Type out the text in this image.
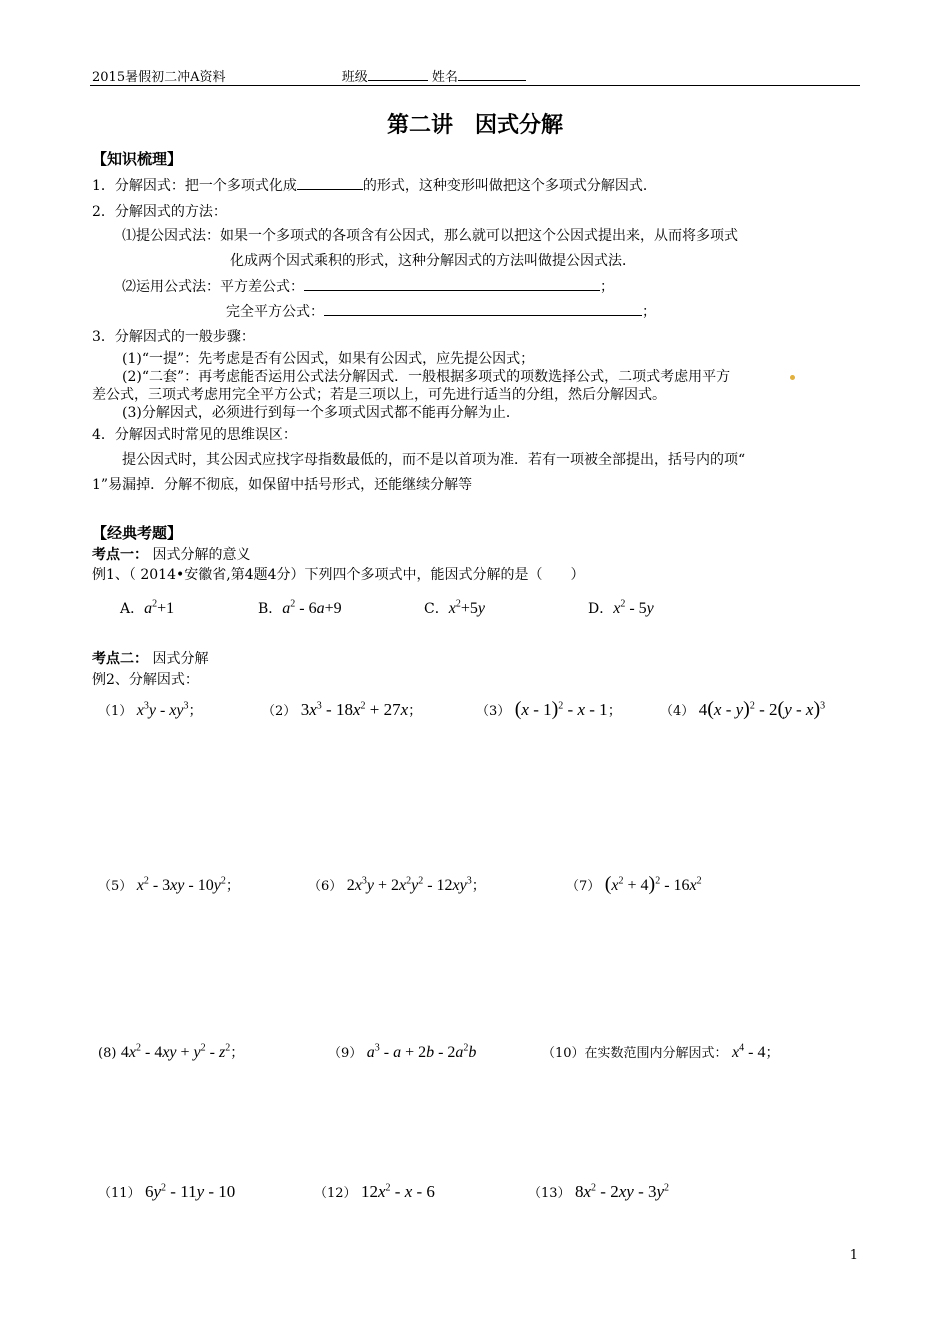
2015暑假初二冲A资料	班级	姓名
第二讲　因式分解
【知识梳理】
1．分解因式：把一个多项式化成	的形式，这种变形叫做把这个多项式分解因式．
2．分解因式的方法：
⑴提公因式法：如果一个多项式的各项含有公因式，那么就可以把这个公因式提出来，从而将多项式
化成两个因式乘积的形式，这种分解因式的方法叫做提公因式法．
⑵运用公式法：平方差公式：	；
完全平方公式：	；
3．分解因式的一般步骤：
(1)“一提”：先考虑是否有公因式，如果有公因式，应先提公因式；
(2)“二套”：再考虑能否运用公式法分解因式．一般根据多项式的项数选择公式，二项式考虑用平方
差公式，三项式考虑用完全平方公式；若是三项以上，可先进行适当的分组，然后分解因式。
(3)分解因式，必须进行到每一个多项式因式都不能再分解为止．
4．分解因式时常见的思维误区：
提公因式时，其公因式应找字母指数最低的，而不是以首项为准．若有一项被全部提出，括号内的项“
1”易漏掉．分解不彻底，如保留中括号形式，还能继续分解等
【经典考题】
考点一： 因式分解的意义
例1、（ 2014•安徽省,第4题4分）下列四个多项式中，能因式分解的是（　　）
A．$a^2+1$	B．$a^2 - 6a+9$	C．$x^2+5y$	D．$x^2 - 5y$
考点二： 因式分解
例2、分解因式：
（1） $x^3y - xy^3$；	（2） $3x^3 - 18x^2 + 27x$；	（3） (x - 1)$^2$ - x - 1；	（4） 4(x - y)$^2$ - 2(y - x)$^3$
（5） $x^2 - 3xy - 10y^2$；	（6） $2x^3y + 2x^2y^2 - 12xy^3$；	（7） $(x^2 + 4)^2 - 16x^2$
(8) $4x^2 - 4xy + y^2 - z^2$；	（9） $a^3 - a + 2b - 2a^2b$	（10）在实数范围内分解因式： $x^4 - 4$；
（11） $6y^2 - 11y - 10$	（12） $12x^2$ - x - 6	（13） $8x^2 - 2xy - 3y^2$
1
